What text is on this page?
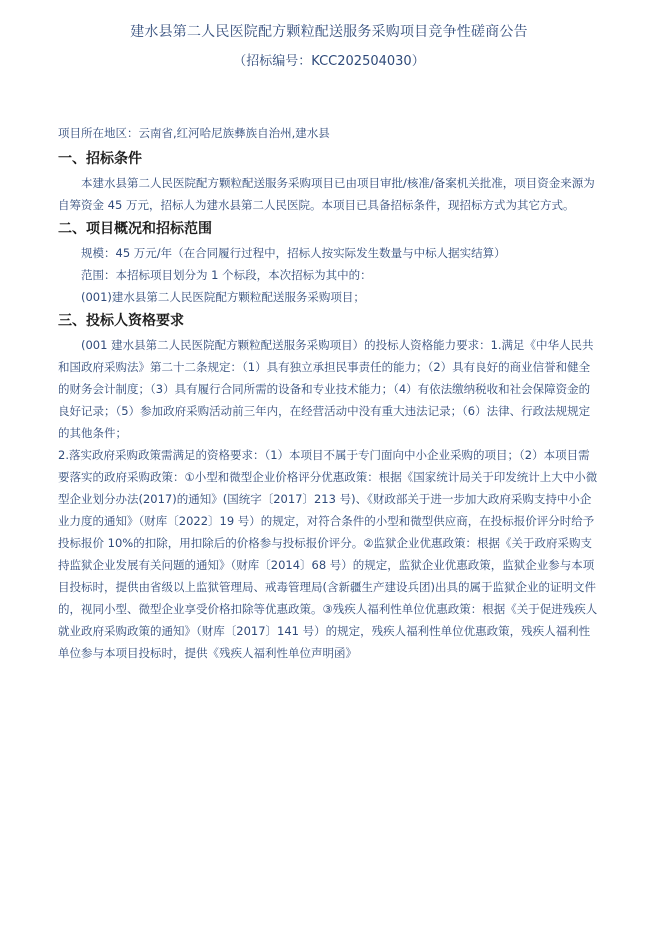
建水县第二人民医院配方颗粒配送服务采购项目竞争性磋商公告
（招标编号：KCC202504030）

项目所在地区：云南省,红河哈尼族彝族自治州,建水县

一、招标条件

本建水县第二人民医院配方颗粒配送服务采购项目已由项目审批/核准/备案机关批准，项目资金来源为自筹资金 45 万元，招标人为建水县第二人民医院。本项目已具备招标条件，现招标方式为其它方式。

二、项目概况和招标范围

规模：45 万元/年（在合同履行过程中，招标人按实际发生数量与中标人据实结算）

范围：本招标项目划分为 1 个标段，本次招标为其中的：

(001)建水县第二人民医院配方颗粒配送服务采购项目；

三、投标人资格要求

(001 建水县第二人民医院配方颗粒配送服务采购项目）的投标人资格能力要求：1.满足《中华人民共和国政府采购法》第二十二条规定：（1）具有独立承担民事责任的能力；（2）具有良好的商业信誉和健全的财务会计制度；（3）具有履行合同所需的设备和专业技术能力；（4）有依法缴纳税收和社会保障资金的良好记录；（5）参加政府采购活动前三年内，在经营活动中没有重大违法记录；（6）法律、行政法规规定的其他条件；

2.落实政府采购政策需满足的资格要求：（1）本项目不属于专门面向中小企业采购的项目；（2）本项目需要落实的政府采购政策：①小型和微型企业价格评分优惠政策：根据《国家统计局关于印发统计上大中小微型企业划分办法(2017)的通知》(国统字〔2017〕213 号)、《财政部关于进一步加大政府采购支持中小企业力度的通知》（财库〔2022〕19 号）的规定，对符合条件的小型和微型供应商，在投标报价评分时给予投标报价 10%的扣除，用扣除后的价格参与投标报价评分。②监狱企业优惠政策：根据《关于政府采购支持监狱企业发展有关问题的通知》（财库〔2014〕68 号）的规定，监狱企业优惠政策，监狱企业参与本项目投标时，提供由省级以上监狱管理局、戒毒管理局(含新疆生产建设兵团)出具的属于监狱企业的证明文件的，视同小型、微型企业享受价格扣除等优惠政策。③残疾人福利性单位优惠政策：根据《关于促进残疾人就业政府采购政策的通知》（财库〔2017〕141 号）的规定，残疾人福利性单位优惠政策，残疾人福利性单位参与本项目投标时，提供《残疾人福利性单位声明函》
